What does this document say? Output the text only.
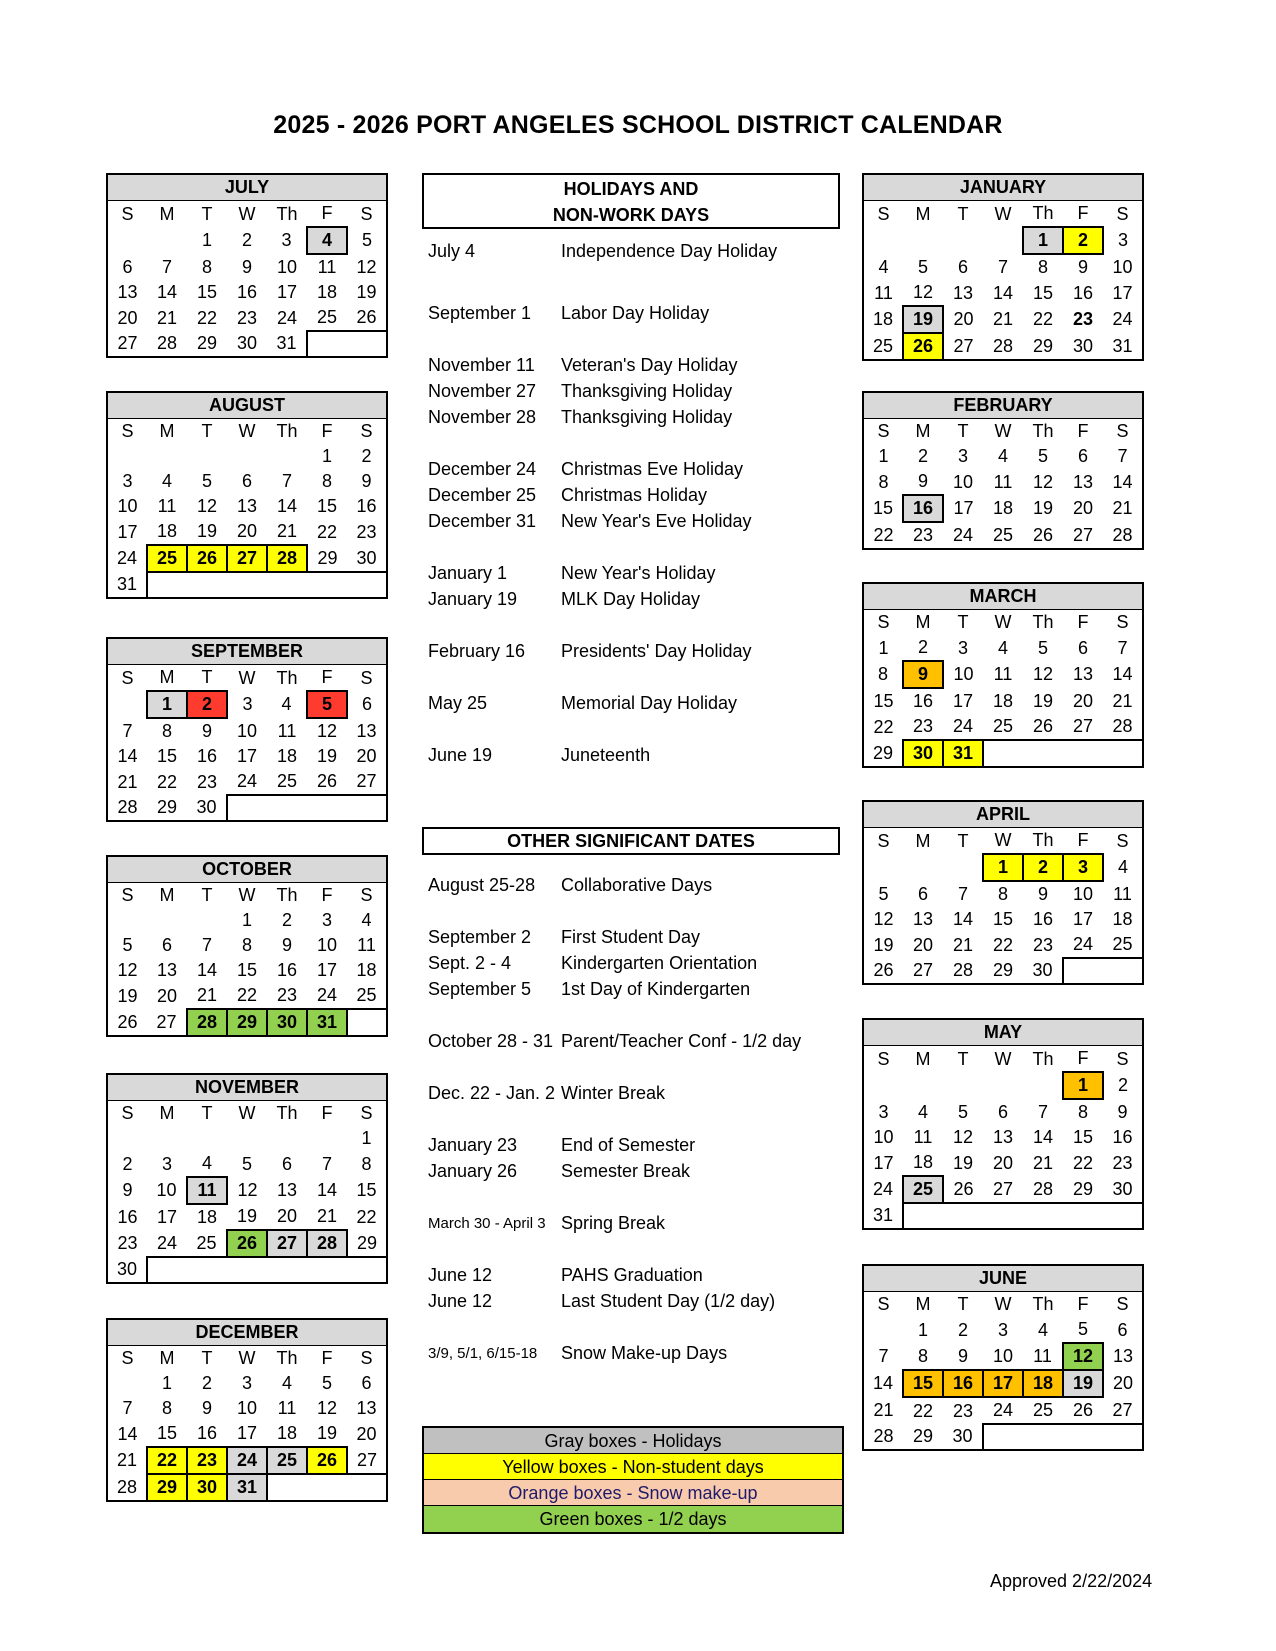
2025 - 2026 PORT ANGELES SCHOOL DISTRICT CALENDAR
JULY						
S	M	T	W	Th	F	S
		1	2	3	4	5
6	7	8	9	10	11	12
13	14	15	16	17	18	19
20	21	22	23	24	25	26
27	28	29	30	31		
AUGUST						
S	M	T	W	Th	F	S
					1	2
3	4	5	6	7	8	9
10	11	12	13	14	15	16
17	18	19	20	21	22	23
24	25	26	27	28	29	30
31						
SEPTEMBER						
S	M	T	W	Th	F	S
	1	2	3	4	5	6
7	8	9	10	11	12	13
14	15	16	17	18	19	20
21	22	23	24	25	26	27
28	29	30				
OCTOBER						
S	M	T	W	Th	F	S
			1	2	3	4
5	6	7	8	9	10	11
12	13	14	15	16	17	18
19	20	21	22	23	24	25
26	27	28	29	30	31	
NOVEMBER						
S	M	T	W	Th	F	S
						1
2	3	4	5	6	7	8
9	10	11	12	13	14	15
16	17	18	19	20	21	22
23	24	25	26	27	28	29
30						
DECEMBER						
S	M	T	W	Th	F	S
	1	2	3	4	5	6
7	8	9	10	11	12	13
14	15	16	17	18	19	20
21	22	23	24	25	26	27
28	29	30	31			
JANUARY						
S	M	T	W	Th	F	S
				1	2	3
4	5	6	7	8	9	10
11	12	13	14	15	16	17
18	19	20	21	22	23	24
25	26	27	28	29	30	31
FEBRUARY						
S	M	T	W	Th	F	S
1	2	3	4	5	6	7
8	9	10	11	12	13	14
15	16	17	18	19	20	21
22	23	24	25	26	27	28
MARCH						
S	M	T	W	Th	F	S
1	2	3	4	5	6	7
8	9	10	11	12	13	14
15	16	17	18	19	20	21
22	23	24	25	26	27	28
29	30	31				
APRIL						
S	M	T	W	Th	F	S
			1	2	3	4
5	6	7	8	9	10	11
12	13	14	15	16	17	18
19	20	21	22	23	24	25
26	27	28	29	30		
MAY						
S	M	T	W	Th	F	S
					1	2
3	4	5	6	7	8	9
10	11	12	13	14	15	16
17	18	19	20	21	22	23
24	25	26	27	28	29	30
31						
JUNE						
S	M	T	W	Th	F	S
	1	2	3	4	5	6
7	8	9	10	11	12	13
14	15	16	17	18	19	20
21	22	23	24	25	26	27
28	29	30				
HOLIDAYS AND
NON-WORK DAYS
July 4	Independence Day Holiday
September 1 Labor Day Holiday
November 11 Veteran's Day Holiday
November 27 Thanksgiving Holiday
November 28 Thanksgiving Holiday
December 24 Christmas Eve Holiday
December 25 Christmas Holiday
December 31 New Year's Eve Holiday
January 1	New Year's Holiday
January 19 MLK Day Holiday
February 16 Presidents' Day Holiday
May 25	Memorial Day Holiday
June 19	Juneteenth
OTHER SIGNIFICANT DATES
August 25-28 Collaborative Days
September 2 First Student Day
Sept. 2 - 4	Kindergarten Orientation
September 5 1st Day of Kindergarten
October 28 - 31 Parent/Teacher Conf - 1/2 day
Dec. 22 - Jan. 2 Winter Break
January 23 End of Semester
January 26 Semester Break
March 30 - April 3 Spring Break
June 12	PAHS Graduation
June 12	Last Student Day (1/2 day)
3/9, 5/1, 6/15-18 Snow Make-up Days
Gray boxes - Holidays
Yellow boxes - Non-student days
Orange boxes - Snow make-up
Green boxes - 1/2 days
Approved 2/22/2024
